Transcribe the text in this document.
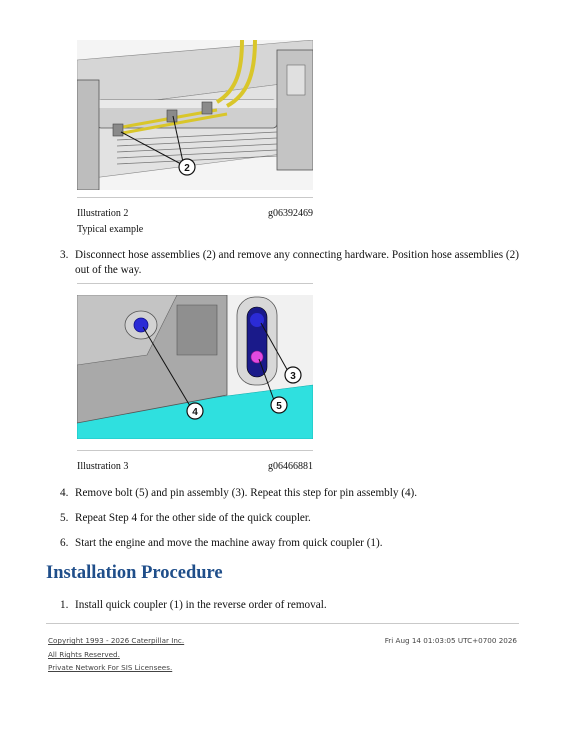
2
Illustration 2	g06392469
Typical example
3. Disconnect hose assemblies (2) and remove any connecting hardware. Position hose assemblies (2) out of the way.
4
3
5
Illustration 3	g06466881
4. Remove bolt (5) and pin assembly (3). Repeat this step for pin assembly (4).
5. Repeat Step 4 for the other side of the quick coupler.
6. Start the engine and move the machine away from quick coupler (1).
Installation Procedure
1. Install quick coupler (1) in the reverse order of removal.
Copyright 1993 - 2026 Caterpillar Inc.	Fri Aug 14 01:03:05 UTC+0700 2026
All Rights Reserved.
Private Network For SIS Licensees.
